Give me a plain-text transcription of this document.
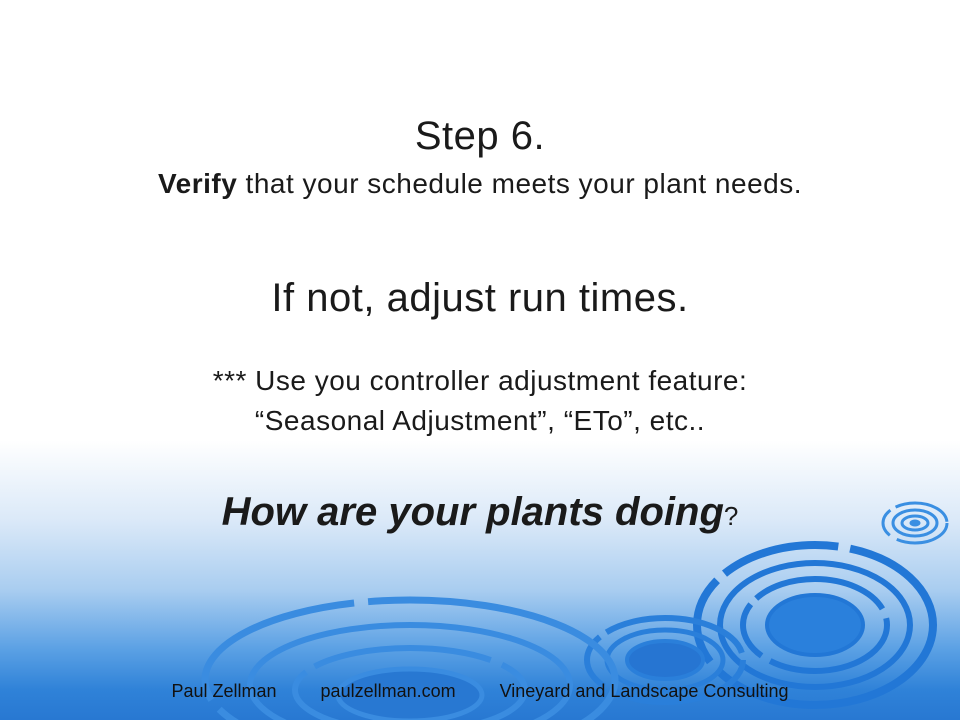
Step 6.

Verify that your schedule meets your plant needs.

If not, adjust run times.

*** Use you controller adjustment feature:

“Seasonal Adjustment”, “ETo”, etc..

How are your plants doing?

Paul Zellman paulzellman.com Vineyard and Landscape Consulting
